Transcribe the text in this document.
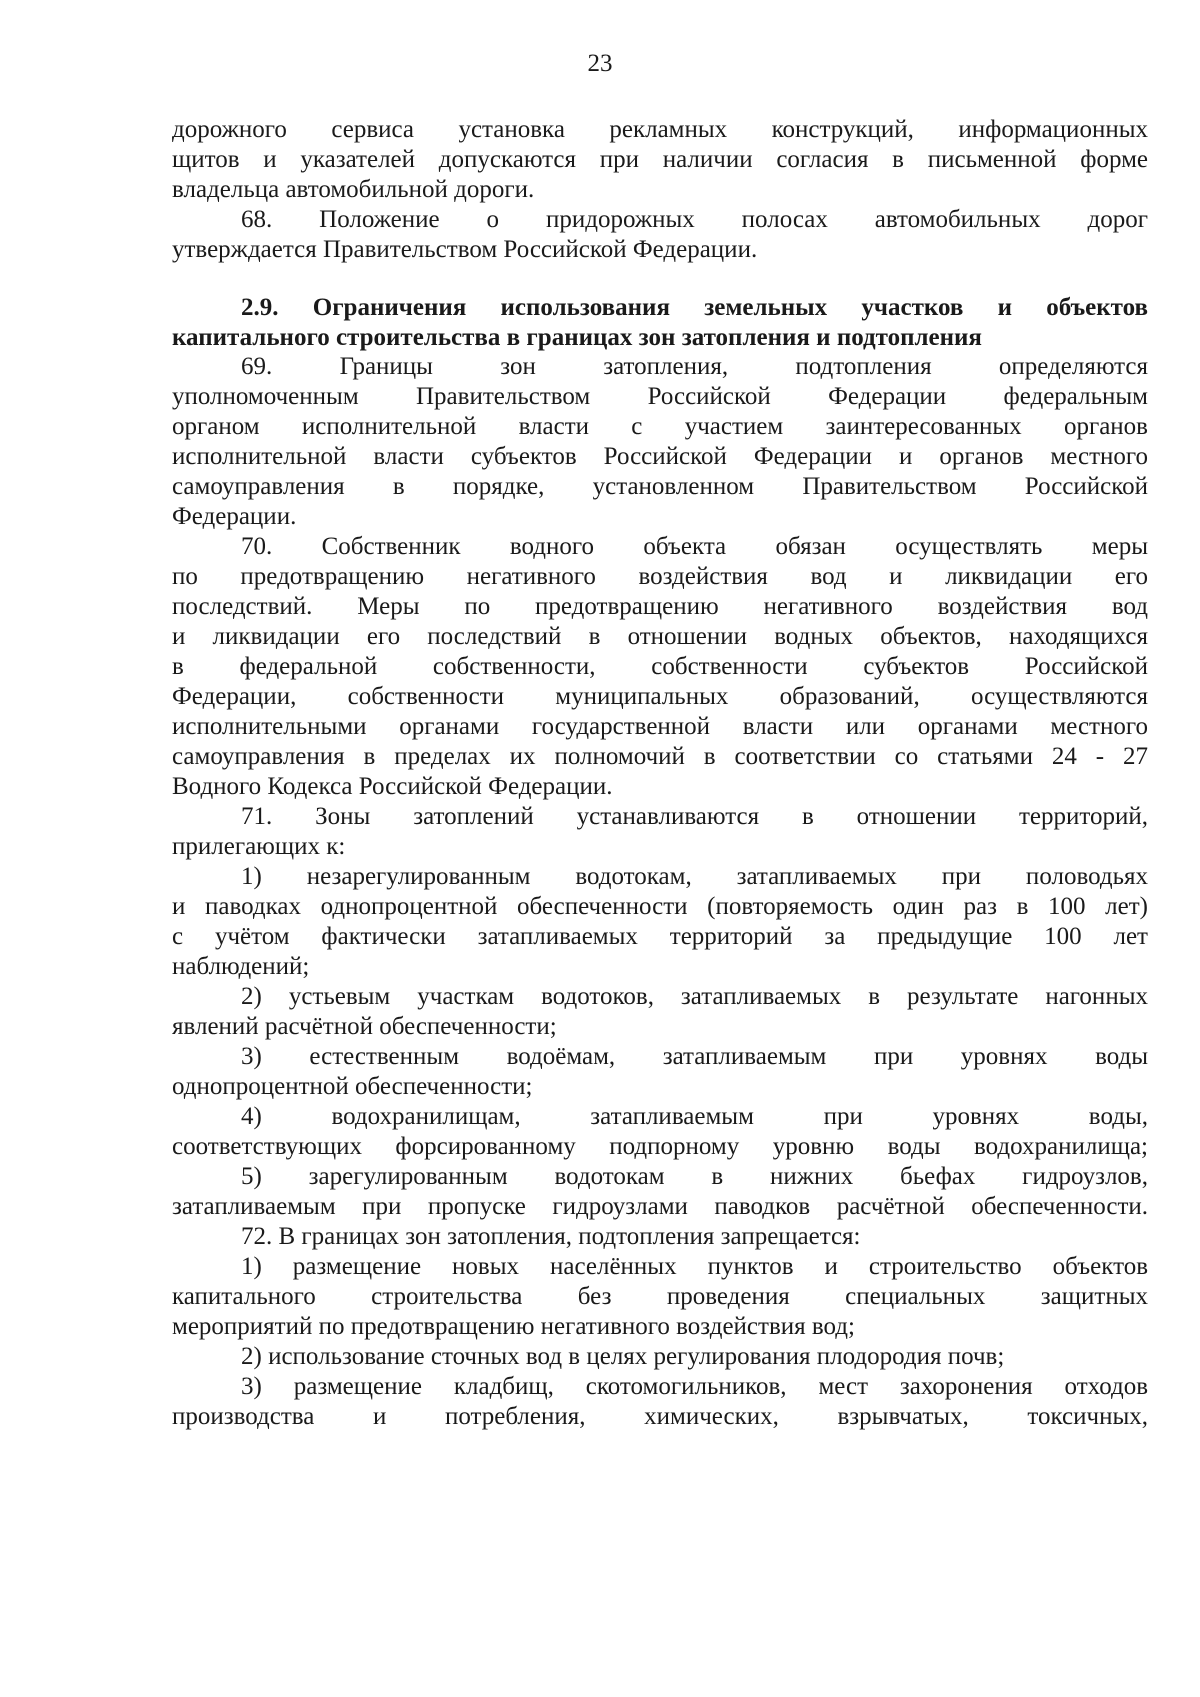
23
дорожного сервиса установка рекламных конструкций, информационных
щитов и указателей допускаются при наличии согласия в письменной форме
владельца автомобильной дороги.
68. Положение о придорожных полосах автомобильных дорог
утверждается Правительством Российской Федерации.
2.9. Ограничения использования земельных участков и объектов
капитального строительства в границах зон затопления и подтопления
69. Границы зон затопления, подтопления определяются
уполномоченным Правительством Российской Федерации федеральным
органом исполнительной власти с участием заинтересованных органов
исполнительной власти субъектов Российской Федерации и органов местного
самоуправления в порядке, установленном Правительством Российской
Федерации.
70. Собственник водного объекта обязан осуществлять меры
по предотвращению негативного воздействия вод и ликвидации его
последствий. Меры по предотвращению негативного воздействия вод
и ликвидации его последствий в отношении водных объектов, находящихся
в федеральной собственности, собственности субъектов Российской
Федерации, собственности муниципальных образований, осуществляются
исполнительными органами государственной власти или органами местного
самоуправления в пределах их полномочий в соответствии со статьями 24 - 27
Водного Кодекса Российской Федерации.
71. Зоны затоплений устанавливаются в отношении территорий,
прилегающих к:
1) незарегулированным водотокам, затапливаемых при половодьях
и паводках однопроцентной обеспеченности (повторяемость один раз в 100 лет)
с учётом фактически затапливаемых территорий за предыдущие 100 лет
наблюдений;
2) устьевым участкам водотоков, затапливаемых в результате нагонных
явлений расчётной обеспеченности;
3) естественным водоёмам, затапливаемым при уровнях воды
однопроцентной обеспеченности;
4) водохранилищам, затапливаемым при уровнях воды,
соответствующих форсированному подпорному уровню воды водохранилища;
5) зарегулированным водотокам в нижних бьефах гидроузлов,
затапливаемым при пропуске гидроузлами паводков расчётной обеспеченности.
72. В границах зон затопления, подтопления запрещается:
1) размещение новых населённых пунктов и строительство объектов
капитального строительства без проведения специальных защитных
мероприятий по предотвращению негативного воздействия вод;
2) использование сточных вод в целях регулирования плодородия почв;
3) размещение кладбищ, скотомогильников, мест захоронения отходов
производства и потребления, химических, взрывчатых, токсичных,
